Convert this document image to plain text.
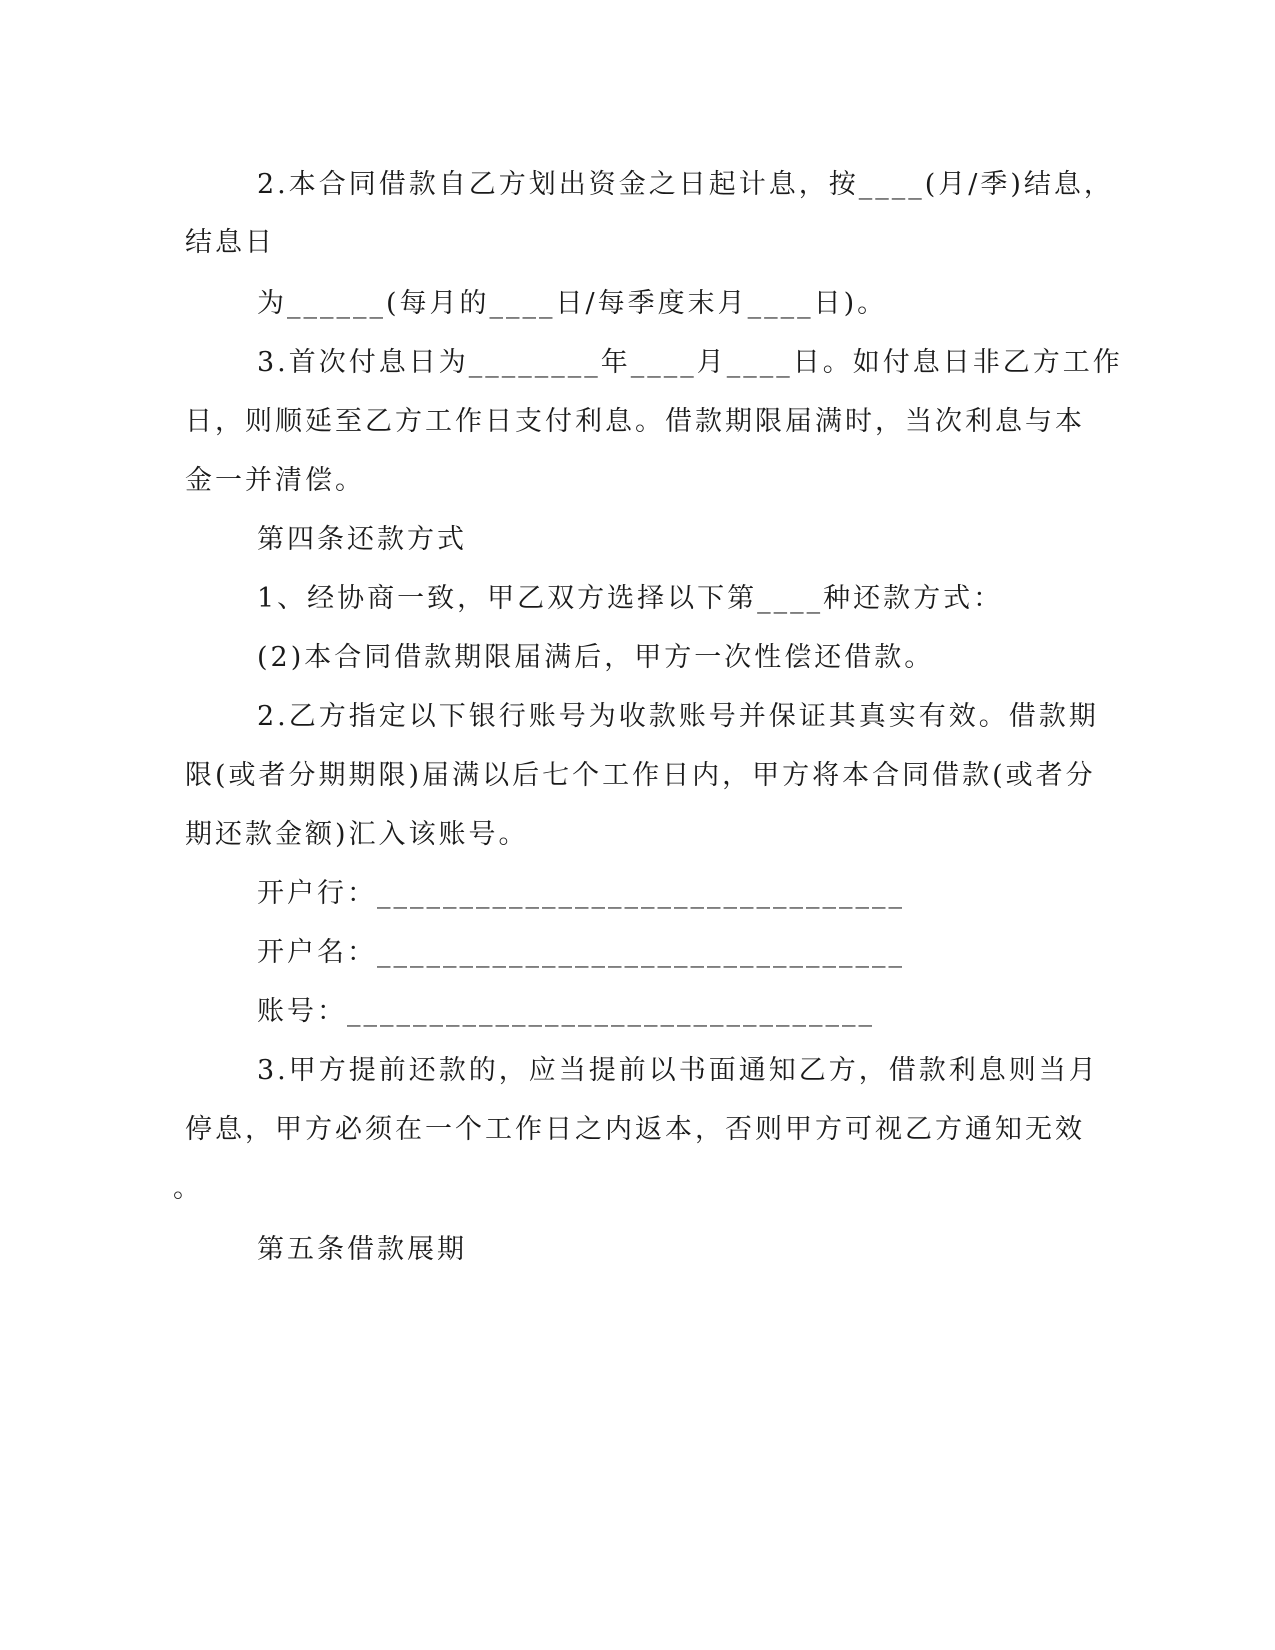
2.本合同借款自乙方划出资金之日起计息，按____(月/季)结息，
结息日
为______(每月的____日/每季度末月____日)。
3.首次付息日为________年____月____日。如付息日非乙方工作
日，则顺延至乙方工作日支付利息。借款期限届满时，当次利息与本
金一并清偿。
第四条还款方式
1、经协商一致，甲乙双方选择以下第____种还款方式：
(2)本合同借款期限届满后，甲方一次性偿还借款。
2.乙方指定以下银行账号为收款账号并保证其真实有效。借款期
限(或者分期期限)届满以后七个工作日内，甲方将本合同借款(或者分
期还款金额)汇入该账号。
开户行：________________________________
开户名：________________________________
账号：________________________________
3.甲方提前还款的，应当提前以书面通知乙方，借款利息则当月
停息，甲方必须在一个工作日之内返本，否则甲方可视乙方通知无效
。
第五条借款展期
